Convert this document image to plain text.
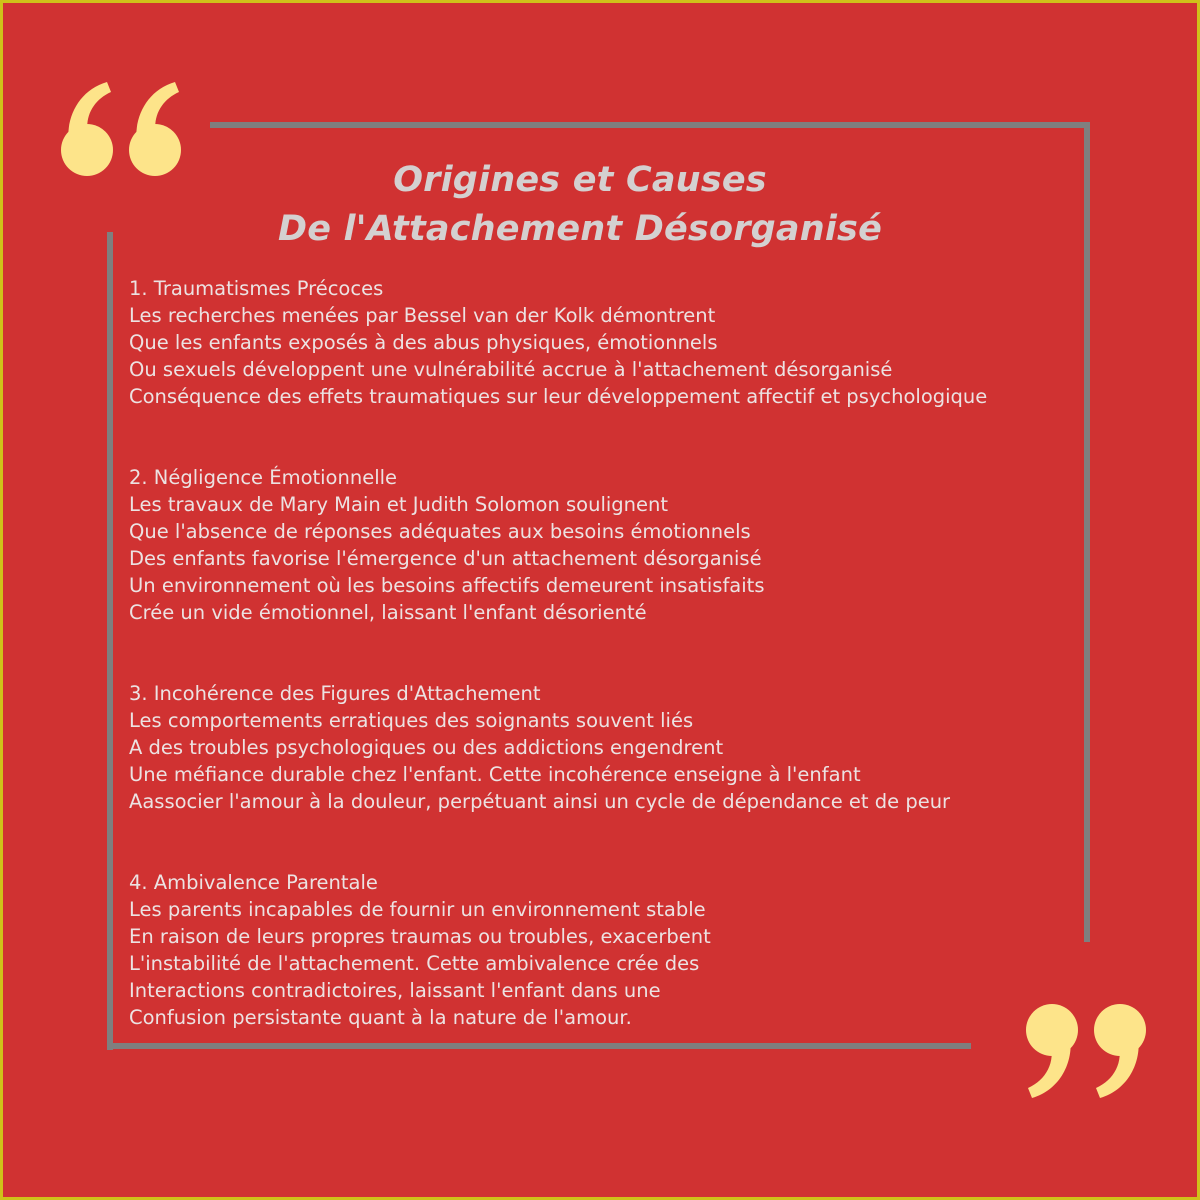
Origines et Causes
De l'Attachement Désorganisé
1. Traumatismes Précoces
Les recherches menées par Bessel van der Kolk démontrent
Que les enfants exposés à des abus physiques, émotionnels
Ou sexuels développent une vulnérabilité accrue à l'attachement désorganisé
Conséquence des effets traumatiques sur leur développement affectif et psychologique
2. Négligence Émotionnelle
Les travaux de Mary Main et Judith Solomon soulignent
Que l'absence de réponses adéquates aux besoins émotionnels
Des enfants favorise l'émergence d'un attachement désorganisé
Un environnement où les besoins affectifs demeurent insatisfaits
Crée un vide émotionnel, laissant l'enfant désorienté
3. Incohérence des Figures d'Attachement
Les comportements erratiques des soignants souvent liés
A des troubles psychologiques ou des addictions engendrent
Une méfiance durable chez l'enfant. Cette incohérence enseigne à l'enfant
Aassocier l'amour à la douleur, perpétuant ainsi un cycle de dépendance et de peur
4. Ambivalence Parentale
Les parents incapables de fournir un environnement stable
En raison de leurs propres traumas ou troubles, exacerbent
L'instabilité de l'attachement. Cette ambivalence crée des
Interactions contradictoires, laissant l'enfant dans une
Confusion persistante quant à la nature de l'amour.
